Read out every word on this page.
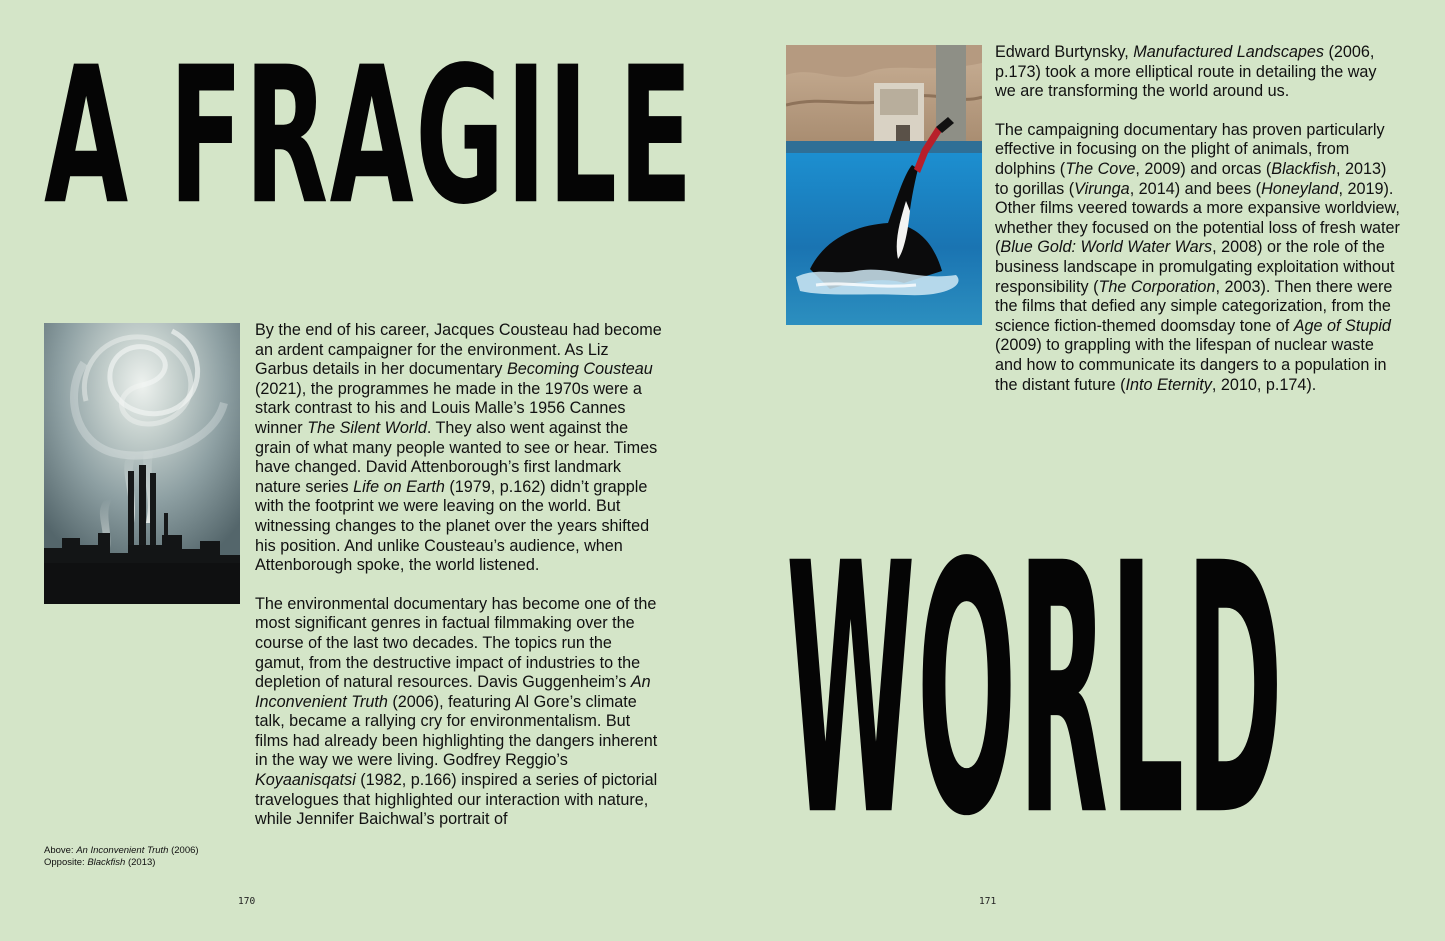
A FRAGILE

By the end of his career, Jacques Cousteau had become an ardent campaigner for the environment. As Liz Garbus details in her documentary Becoming Cousteau (2021), the programmes he made in the 1970s were a stark contrast to his and Louis Malle’s 1956 Cannes winner The Silent World. They also went against the grain of what many people wanted to see or hear. Times have changed. David Attenborough’s first landmark nature series Life on Earth (1979, p.162) didn’t grapple with the footprint we were leaving on the world. But witnessing changes to the planet over the years shifted his position. And unlike Cousteau’s audience, when Attenborough spoke, the world listened.

The environmental documentary has become one of the most significant genres in factual filmmaking over the course of the last two decades. The topics run the gamut, from the destructive impact of industries to the depletion of natural resources. Davis Guggenheim’s An Inconvenient Truth (2006), featuring Al Gore’s climate talk, became a rallying cry for environmentalism. But films had already been highlighting the dangers inherent in the way we were living. Godfrey Reggio’s Koyaanisqatsi (1982, p.166) inspired a series of pictorial travelogues that highlighted our interaction with nature, while Jennifer Baichwal’s portrait of

Above: An Inconvenient Truth (2006)
Opposite: Blackfish (2013)
170

Edward Burtynsky, Manufactured Landscapes (2006, p.173) took a more elliptical route in detailing the way we are transforming the world around us.

The campaigning documentary has proven particularly effective in focusing on the plight of animals, from dolphins (The Cove, 2009) and orcas (Blackfish, 2013) to gorillas (Virunga, 2014) and bees (Honeyland, 2019). Other films veered towards a more expansive worldview, whether they focused on the potential loss of fresh water (Blue Gold: World Water Wars, 2008) or the role of the business landscape in promulgating exploitation without responsibility (The Corporation, 2003). Then there were the films that defied any simple categorization, from the science fiction-themed doomsday tone of Age of Stupid (2009) to grappling with the lifespan of nuclear waste and how to communicate its dangers to a population in the distant future (Into Eternity, 2010, p.174).

WORLD
171
